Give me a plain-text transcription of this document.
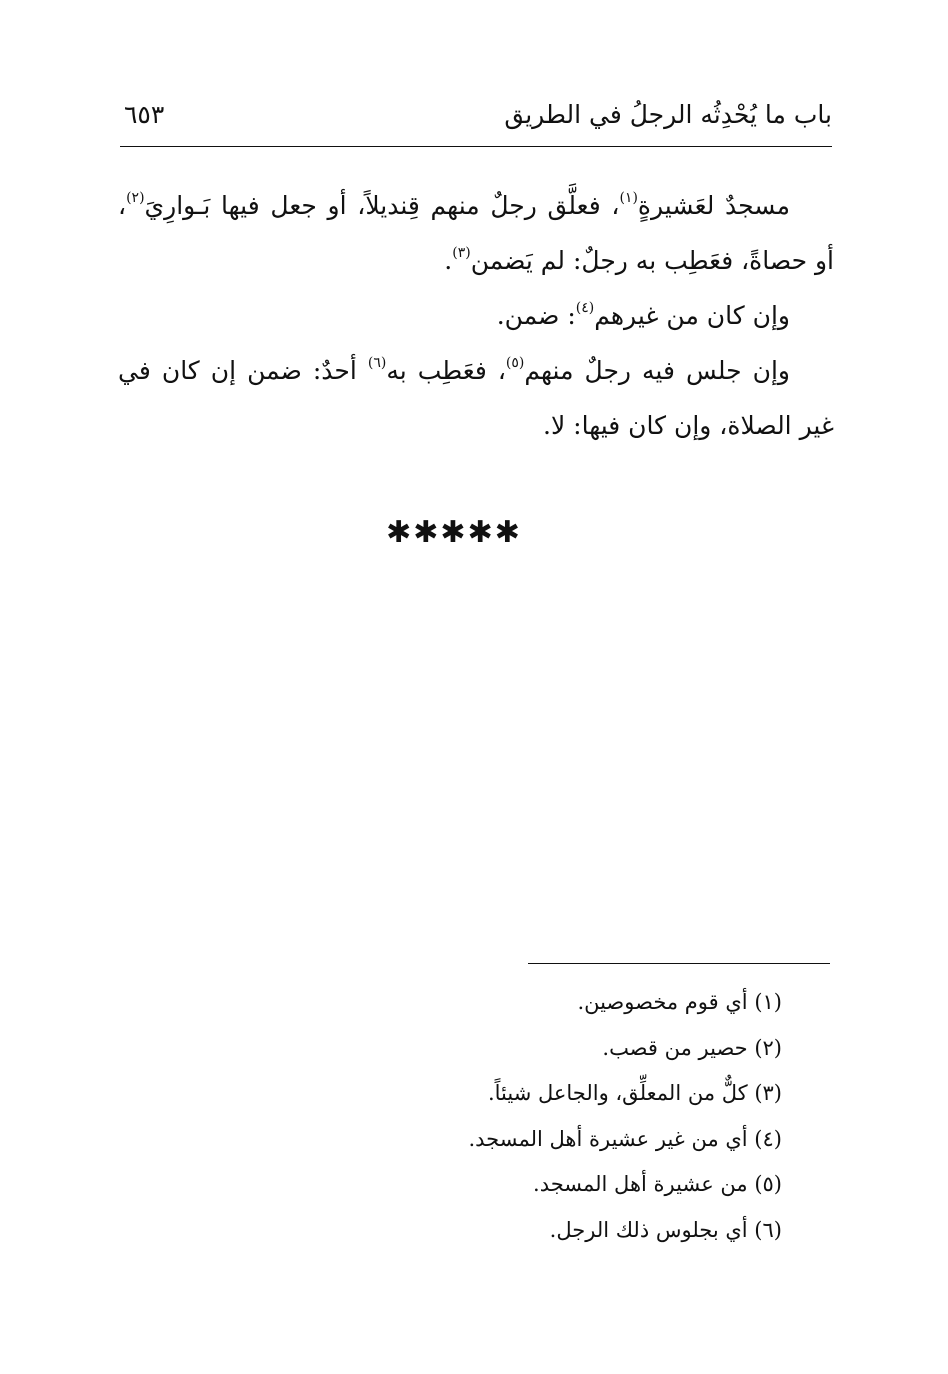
باب ما يُحْدِثُه الرجلُ في الطريق
٦٥٣

مسجدٌ لعَشيرةٍ$^{(١)}$، فعلَّق رجلٌ منهم قِنديلاً، أو جعل فيها بَـوارِيَ$^{(٢)}$، أو حصاةً، فعَطِب به رجلٌ: لم يَضمن$^{(٣)}$.

وإن كان من غيرهم$^{(٤)}$: ضمن.

وإن جلس فيه رجلٌ منهم$^{(٥)}$، فعَطِب به$^{(٦)}$ أحدٌ: ضمن إن كان في غير الصلاة، وإن كان فيها: لا.

✱✱✱✱✱
(١) أي قوم مخصوصين.
(٢) حصير من قصب.
(٣) كلٌّ من المعلِّق، والجاعل شيئاً.
(٤) أي من غير عشيرة أهل المسجد.
(٥) من عشيرة أهل المسجد.
(٦) أي بجلوس ذلك الرجل.
